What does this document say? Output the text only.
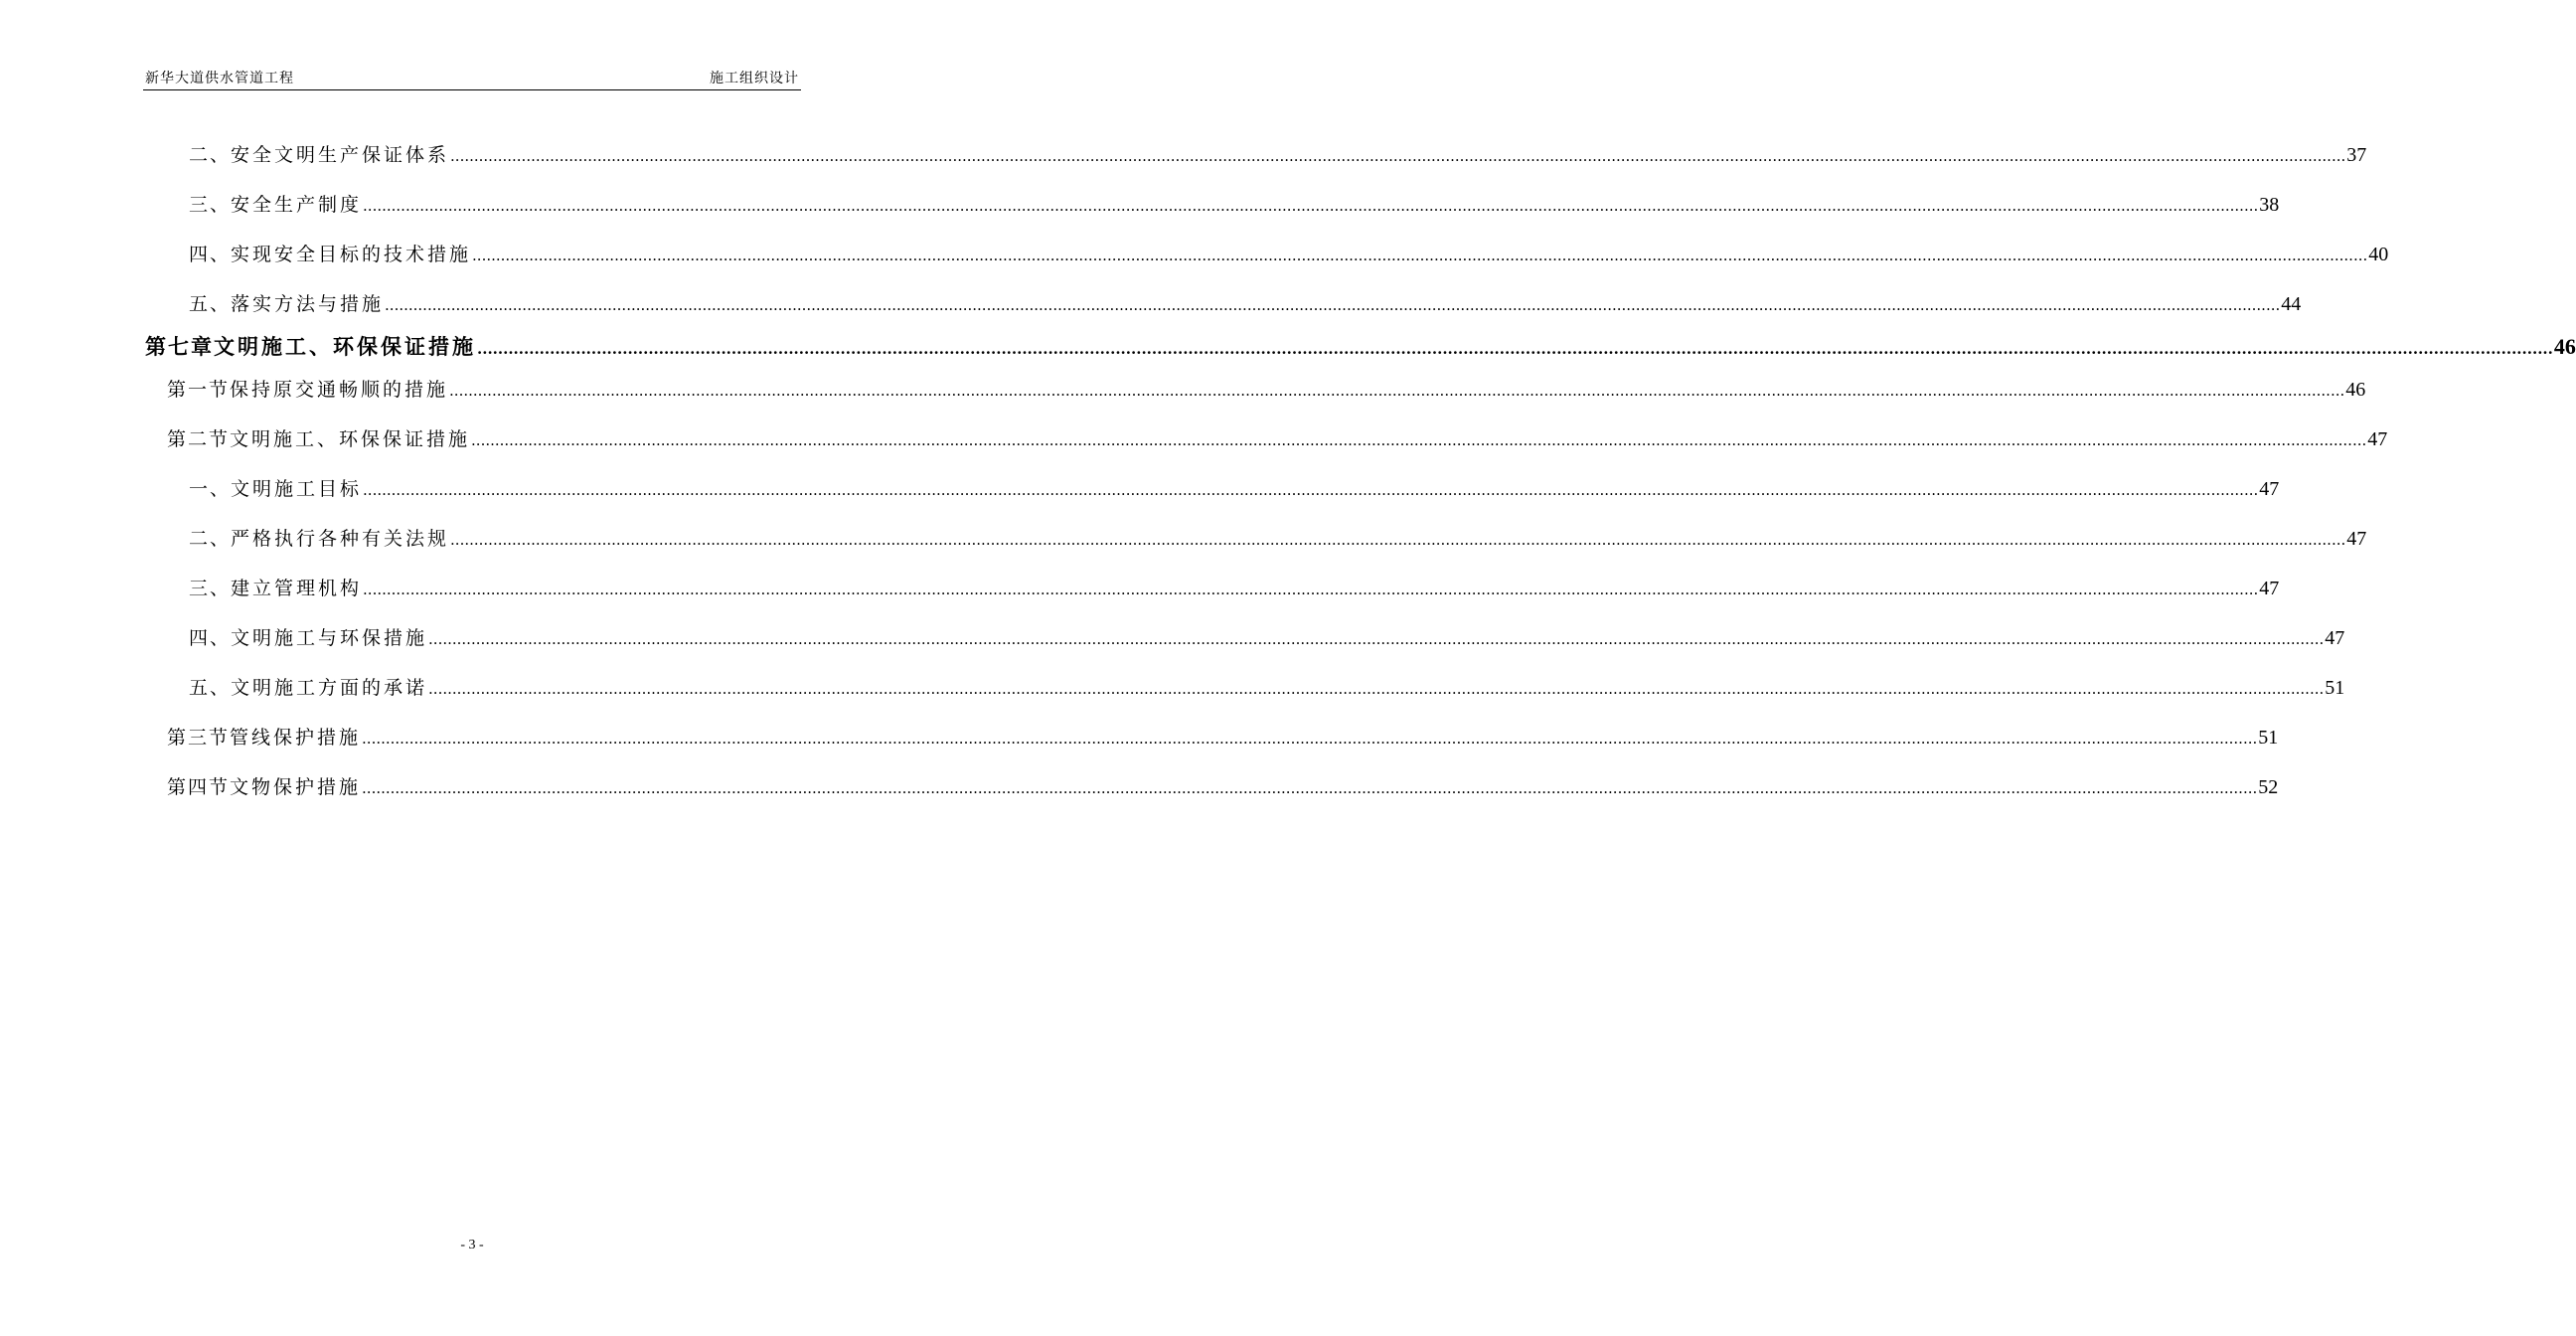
新华大道供水管道工程	施工组织设计
二、 安全文明生产保证体系 ................................................................................................................................................................................................................................................................................................................................................................................................................ 37
三、 安全生产制度 ................................................................................................................................................................................................................................................................................................................................................................................................................ 38
四、 实现安全目标的技术措施 ................................................................................................................................................................................................................................................................................................................................................................................................................ 40
五、 落实方法与措施 ................................................................................................................................................................................................................................................................................................................................................................................................................ 44
第七章 文明施工、环保保证措施 ................................................................................................................................................................................................................................................................................................................................................................................................................ 46
第一节 保持原交通畅顺的措施 ................................................................................................................................................................................................................................................................................................................................................................................................................ 46
第二节 文明施工、环保保证措施 ................................................................................................................................................................................................................................................................................................................................................................................................................ 47
一、 文明施工目标 ................................................................................................................................................................................................................................................................................................................................................................................................................ 47
二、 严格执行各种有关法规 ................................................................................................................................................................................................................................................................................................................................................................................................................ 47
三、 建立管理机构 ................................................................................................................................................................................................................................................................................................................................................................................................................ 47
四、 文明施工与环保措施 ................................................................................................................................................................................................................................................................................................................................................................................................................ 47
五、 文明施工方面的承诺 ................................................................................................................................................................................................................................................................................................................................................................................................................ 51
第三节 管线保护措施 ................................................................................................................................................................................................................................................................................................................................................................................................................ 51
第四节 文物保护措施 ................................................................................................................................................................................................................................................................................................................................................................................................................ 52
- 3 -
